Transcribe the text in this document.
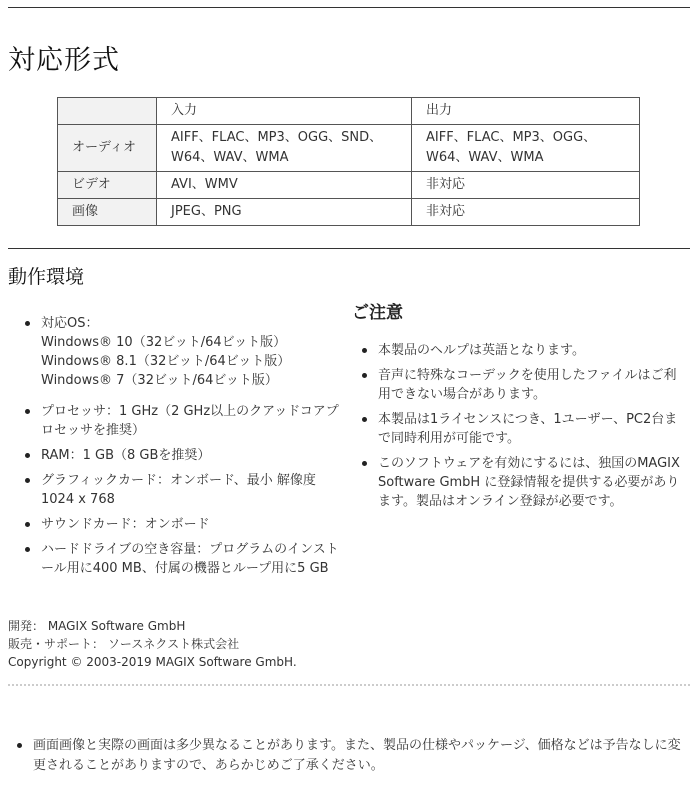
対応形式
	入力	出力
オーディオ	AIFF、FLAC、MP3、OGG、SND、W64、WAV、WMA	AIFF、FLAC、MP3、OGG、W64、WAV、WMA
ビデオ	AVI、WMV	非対応
画像	JPEG、PNG	非対応
動作環境
対応OS：
Windows® 10（32ビット/64ビット版）
Windows® 8.1（32ビット/64ビット版）
Windows® 7（32ビット/64ビット版）
プロセッサ：1 GHz（2 GHz以上のクアッドコアプロセッサを推奨）
RAM：1 GB（8 GBを推奨）
グラフィックカード：オンボード、最小 解像度 1024 x 768
サウンドカード：オンボード
ハードドライブの空き容量：プログラムのインストール用に400 MB、付属の機器とループ用に5 GB
ご注意
本製品のヘルプは英語となります。
音声に特殊なコーデックを使用したファイルはご利用できない場合があります。
本製品は1ライセンスにつき、1ユーザー、PC2台まで同時利用が可能です。
このソフトウェアを有効にするには、独国のMAGIX Software GmbH に登録情報を提供する必要があります。製品はオンライン登録が必要です。
開発： MAGIX Software GmbH
販売・サポート： ソースネクスト株式会社
Copyright © 2003-2019 MAGIX Software GmbH.
画面画像と実際の画面は多少異なることがあります。また、製品の仕様やパッケージ、価格などは予告なしに変更されることがありますので、あらかじめご了承ください。
